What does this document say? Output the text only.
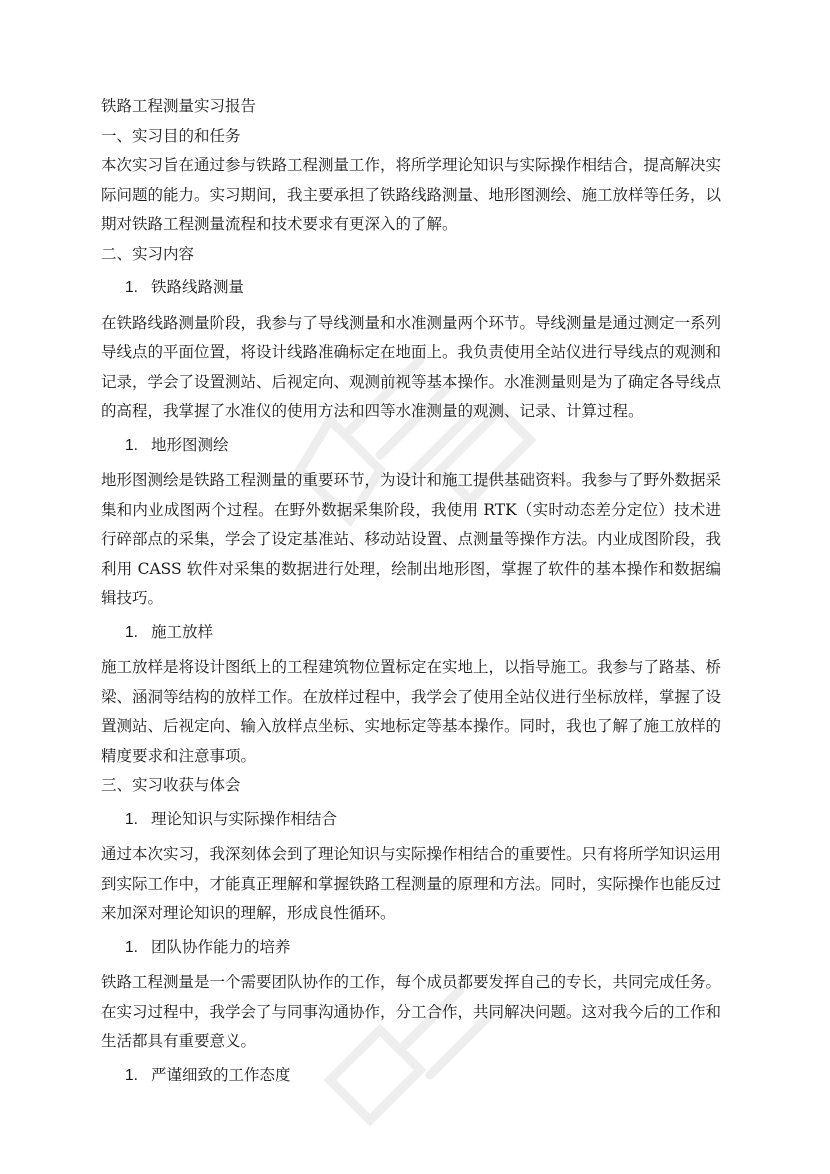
铁路工程测量实习报告

一、实习目的和任务

本次实习旨在通过参与铁路工程测量工作，将所学理论知识与实际操作相结合，提高解决实际问题的能力。实习期间，我主要承担了铁路线路测量、地形图测绘、施工放样等任务，以期对铁路工程测量流程和技术要求有更深入的了解。

二、实习内容

1. 铁路线路测量

在铁路线路测量阶段，我参与了导线测量和水准测量两个环节。导线测量是通过测定一系列导线点的平面位置，将设计线路准确标定在地面上。我负责使用全站仪进行导线点的观测和记录，学会了设置测站、后视定向、观测前视等基本操作。水准测量则是为了确定各导线点的高程，我掌握了水准仪的使用方法和四等水准测量的观测、记录、计算过程。

1. 地形图测绘

地形图测绘是铁路工程测量的重要环节，为设计和施工提供基础资料。我参与了野外数据采集和内业成图两个过程。在野外数据采集阶段，我使用 RTK（实时动态差分定位）技术进行碎部点的采集，学会了设定基准站、移动站设置、点测量等操作方法。内业成图阶段，我利用 CASS 软件对采集的数据进行处理，绘制出地形图，掌握了软件的基本操作和数据编辑技巧。

1. 施工放样

施工放样是将设计图纸上的工程建筑物位置标定在实地上，以指导施工。我参与了路基、桥梁、涵洞等结构的放样工作。在放样过程中，我学会了使用全站仪进行坐标放样，掌握了设置测站、后视定向、输入放样点坐标、实地标定等基本操作。同时，我也了解了施工放样的精度要求和注意事项。

三、实习收获与体会

1. 理论知识与实际操作相结合

通过本次实习，我深刻体会到了理论知识与实际操作相结合的重要性。只有将所学知识运用到实际工作中，才能真正理解和掌握铁路工程测量的原理和方法。同时，实际操作也能反过来加深对理论知识的理解，形成良性循环。

1. 团队协作能力的培养

铁路工程测量是一个需要团队协作的工作，每个成员都要发挥自己的专长，共同完成任务。在实习过程中，我学会了与同事沟通协作，分工合作，共同解决问题。这对我今后的工作和生活都具有重要意义。

1. 严谨细致的工作态度
